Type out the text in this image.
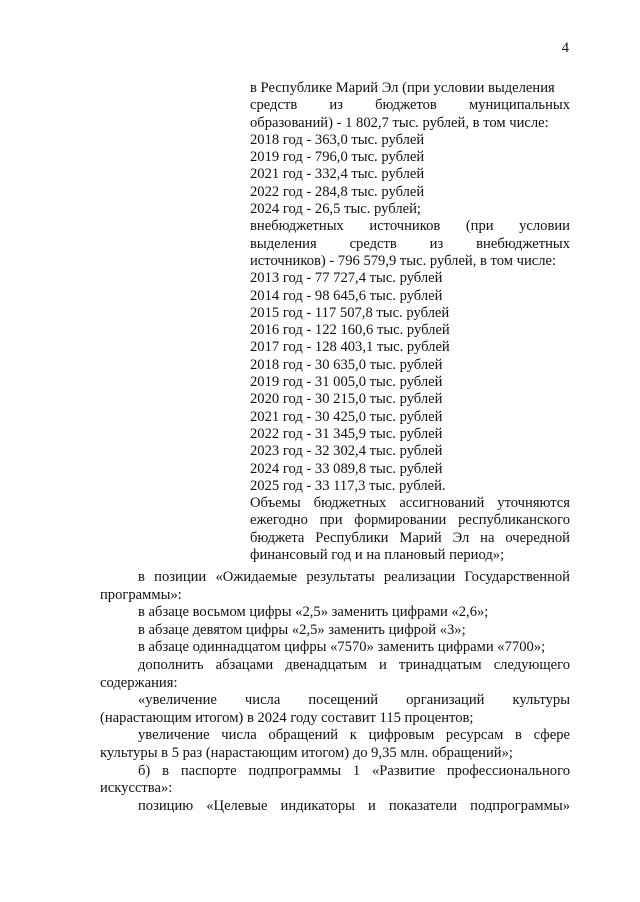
4
в Республике Марий Эл (при условии выделения
средств из бюджетов муниципальных
образований) - 1 802,7 тыс. рублей, в том числе:
2018 год - 363,0 тыс. рублей
2019 год - 796,0 тыс. рублей
2021 год - 332,4 тыс. рублей
2022 год - 284,8 тыс. рублей
2024 год - 26,5 тыс. рублей;
внебюджетных источников (при условии
выделения средств из внебюджетных
источников) - 796 579,9 тыс. рублей, в том числе:
2013 год - 77 727,4 тыс. рублей
2014 год - 98 645,6 тыс. рублей
2015 год - 117 507,8 тыс. рублей
2016 год - 122 160,6 тыс. рублей
2017 год - 128 403,1 тыс. рублей
2018 год - 30 635,0 тыс. рублей
2019 год - 31 005,0 тыс. рублей
2020 год - 30 215,0 тыс. рублей
2021 год - 30 425,0 тыс. рублей
2022 год - 31 345,9 тыс. рублей
2023 год - 32 302,4 тыс. рублей
2024 год - 33 089,8 тыс. рублей
2025 год - 33 117,3 тыс. рублей.
Объемы бюджетных ассигнований уточняются
ежегодно при формировании республиканского
бюджета Республики Марий Эл на очередной
финансовый год и на плановый период»;
в позиции «Ожидаемые результаты реализации Государственной
программы»:
в абзаце восьмом цифры «2,5» заменить цифрами «2,6»;
в абзаце девятом цифры «2,5» заменить цифрой «3»;
в абзаце одиннадцатом цифры «7570» заменить цифрами «7700»;
дополнить абзацами двенадцатым и тринадцатым следующего
содержания:
«увеличение числа посещений организаций культуры
(нарастающим итогом) в 2024 году составит 115 процентов;
увеличение числа обращений к цифровым ресурсам в сфере
культуры в 5 раз (нарастающим итогом) до 9,35 млн. обращений»;
б) в паспорте подпрограммы 1 «Развитие профессионального
искусства»:
позицию «Целевые индикаторы и показатели подпрограммы»
